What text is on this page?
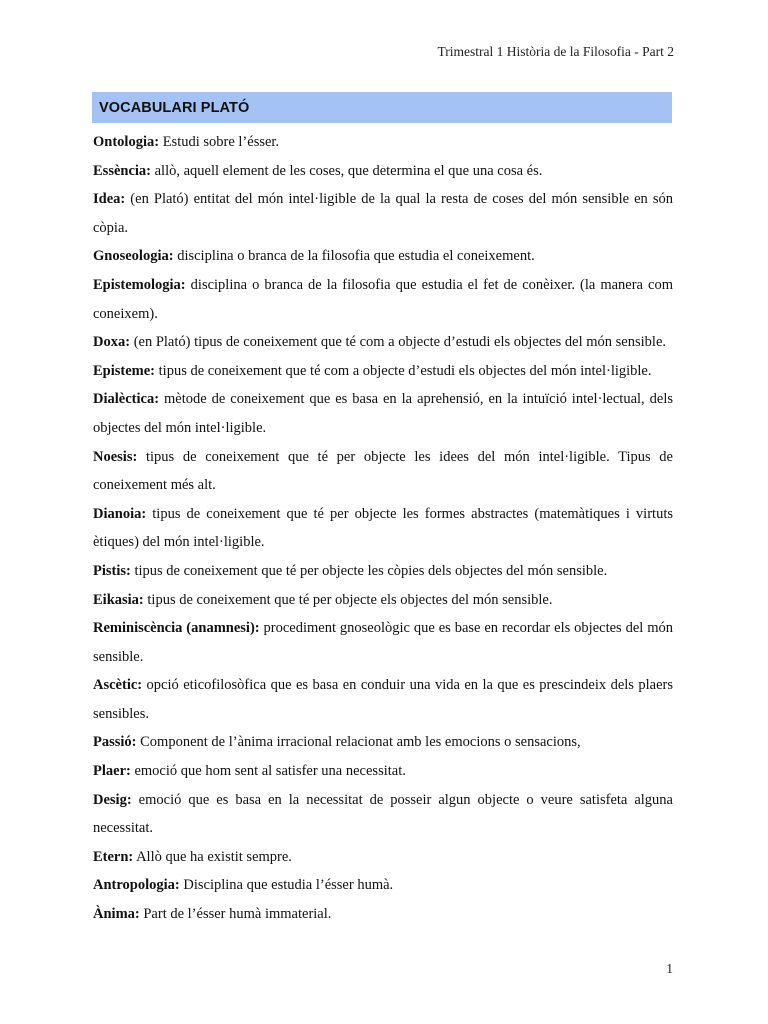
Trimestral 1 Història de la Filosofia - Part 2
VOCABULARI PLATÓ
Ontologia: Estudi sobre l’ésser.
Essència: allò, aquell element de les coses, que determina el que una cosa és.
Idea: (en Plató) entitat del món intel·ligible de la qual la resta de coses del món sensible en són còpia.
Gnoseologia: disciplina o branca de la filosofia que estudia el coneixement.
Epistemologia: disciplina o branca de la filosofia que estudia el fet de conèixer. (la manera com coneixem).
Doxa: (en Plató) tipus de coneixement que té com a objecte d’estudi els objectes del món sensible.
Episteme: tipus de coneixement que té com a objecte d’estudi els objectes del món intel·ligible.
Dialèctica: mètode de coneixement que es basa en la aprehensió, en la intuïció intel·lectual, dels objectes del món intel·ligible.
Noesis: tipus de coneixement que té per objecte les idees del món intel·ligible. Tipus de coneixement més alt.
Dianoia: tipus de coneixement que té per objecte les formes abstractes (matemàtiques i virtuts ètiques) del món intel·ligible.
Pistis: tipus de coneixement que té per objecte les còpies dels objectes del món sensible.
Eikasia: tipus de coneixement que té per objecte els objectes del món sensible.
Reminiscència (anamnesi): procediment gnoseològic que es base en recordar els objectes del món sensible.
Ascètic: opció eticofilosòfica que es basa en conduir una vida en la que es prescindeix dels plaers sensibles.
Passió: Component de l’ànima irracional relacionat amb les emocions o sensacions,
Plaer: emoció que hom sent al satisfer una necessitat.
Desig: emoció que es basa en la necessitat de posseir algun objecte o veure satisfeta alguna necessitat.
Etern: Allò que ha existit sempre.
Antropologia: Disciplina que estudia l’ésser humà.
Ànima: Part de l’ésser humà immaterial.
1
